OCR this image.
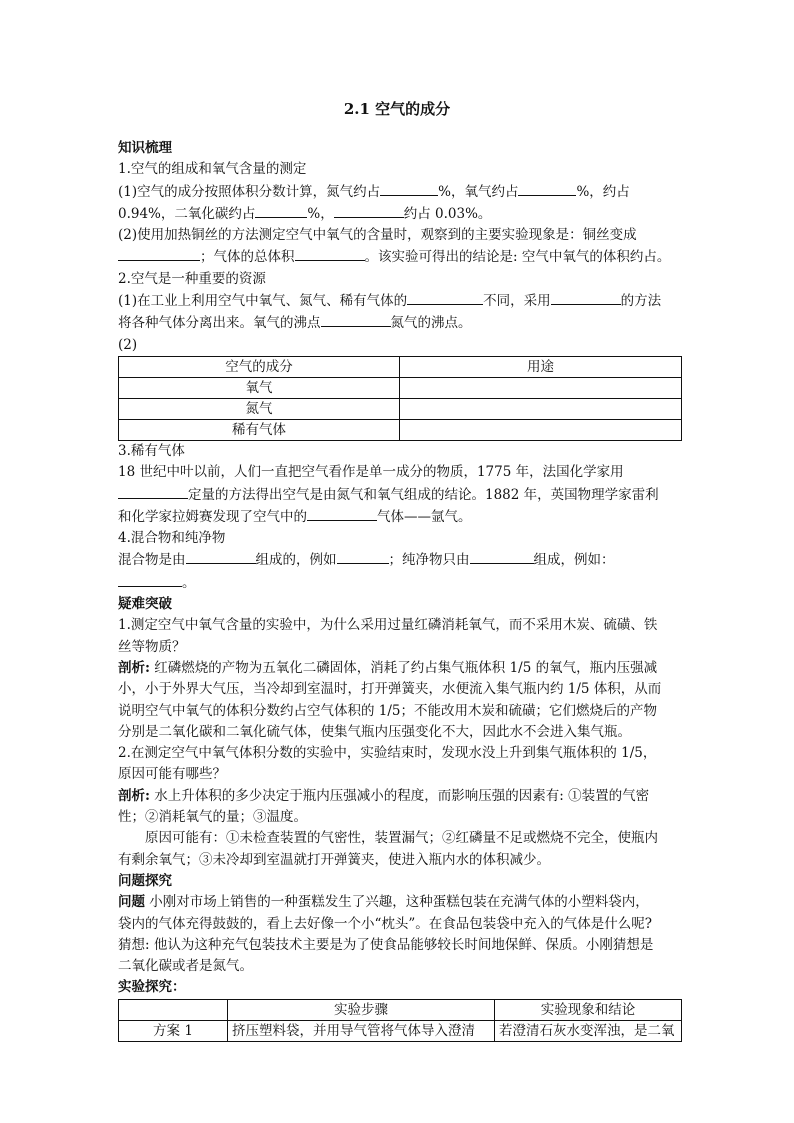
2.1 空气的成分
知识梳理
1.空气的组成和氧气含量的测定
(1)空气的成分按照体积分数计算，氮气约占	%，氧气约占	%，约占
0.94%，二氧化碳约占	%，	约占 0.03%。
(2)使用加热铜丝的方法测定空气中氧气的含量时，观察到的主要实验现象是：铜丝变成
；气体的总体积	。该实验可得出的结论是: 空气中氧气的体积约占。
2.空气是一种重要的资源
(1)在工业上利用空气中氧气、氮气、稀有气体的	不同，采用	的方法
将各种气体分离出来。氧气的沸点	氮气的沸点。
(2)
空气的成分	用途
氧气	
氮气	
稀有气体	
3.稀有气体
18 世纪中叶以前，人们一直把空气看作是单一成分的物质，1775 年，法国化学家用
定量的方法得出空气是由氮气和氧气组成的结论。1882 年，英国物理学家雷利
和化学家拉姆赛发现了空气中的	气体——氩气。
4.混合物和纯净物
混合物是由	组成的，例如	；纯净物只由	组成，例如：
。
疑难突破
1.测定空气中氧气含量的实验中，为什么采用过量红磷消耗氧气，而不采用木炭、硫磺、铁
丝等物质？
剖析: 红磷燃烧的产物为五氧化二磷固体，消耗了约占集气瓶体积 1/5 的氧气，瓶内压强减
小，小于外界大气压，当冷却到室温时，打开弹簧夹，水便流入集气瓶内约 1/5 体积，从而
说明空气中氧气的体积分数约占空气体积的 1/5；不能改用木炭和硫磺；它们燃烧后的产物
分别是二氧化碳和二氧化硫气体，使集气瓶内压强变化不大，因此水不会进入集气瓶。
2.在测定空气中氧气体积分数的实验中，实验结束时，发现水没上升到集气瓶体积的 1/5，
原因可能有哪些？
剖析: 水上升体积的多少决定于瓶内压强减小的程度，而影响压强的因素有: ①装置的气密
性；②消耗氧气的量；③温度。
原因可能有：①未检查装置的气密性，装置漏气；②红磷量不足或燃烧不完全，使瓶内
有剩余氧气；③未冷却到室温就打开弹簧夹，使进入瓶内水的体积减少。
问题探究
问题 小刚对市场上销售的一种蛋糕发生了兴趣，这种蛋糕包装在充满气体的小塑料袋内，
袋内的气体充得鼓鼓的，看上去好像一个小“枕头”。在食品包装袋中充入的气体是什么呢?
猜想: 他认为这种充气包装技术主要是为了使食品能够较长时间地保鲜、保质。小刚猜想是
二氧化碳或者是氮气。
实验探究：
	实验步骤	实验现象和结论
方案 1	挤压塑料袋，并用导气管将气体导入澄清	若澄清石灰水变浑浊，是二氧
